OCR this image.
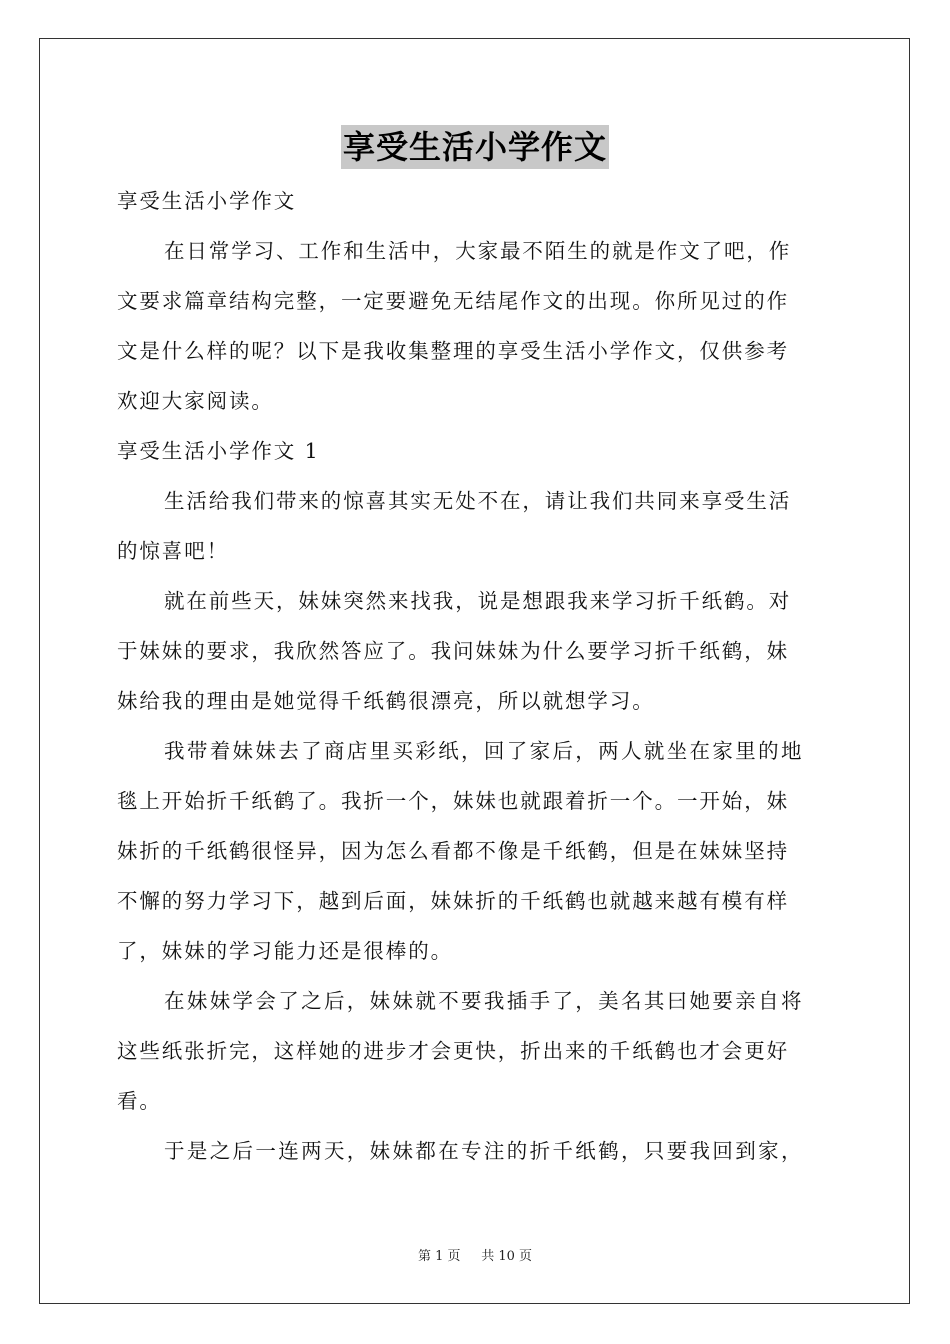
享受生活小学作文
享受生活小学作文
在日常学习、工作和生活中，大家最不陌生的就是作文了吧，作
文要求篇章结构完整，一定要避免无结尾作文的出现。你所见过的作
文是什么样的呢？以下是我收集整理的享受生活小学作文，仅供参考
欢迎大家阅读。
享受生活小学作文 1
生活给我们带来的惊喜其实无处不在，请让我们共同来享受生活
的惊喜吧！
就在前些天，妹妹突然来找我，说是想跟我来学习折千纸鹤。对
于妹妹的要求，我欣然答应了。我问妹妹为什么要学习折千纸鹤，妹
妹给我的理由是她觉得千纸鹤很漂亮，所以就想学习。
我带着妹妹去了商店里买彩纸，回了家后，两人就坐在家里的地
毯上开始折千纸鹤了。我折一个，妹妹也就跟着折一个。一开始，妹
妹折的千纸鹤很怪异，因为怎么看都不像是千纸鹤，但是在妹妹坚持
不懈的努力学习下，越到后面，妹妹折的千纸鹤也就越来越有模有样
了，妹妹的学习能力还是很棒的。
在妹妹学会了之后，妹妹就不要我插手了，美名其曰她要亲自将
这些纸张折完，这样她的进步才会更快，折出来的千纸鹤也才会更好
看。
于是之后一连两天，妹妹都在专注的折千纸鹤，只要我回到家，
第 1 页 共 10 页
